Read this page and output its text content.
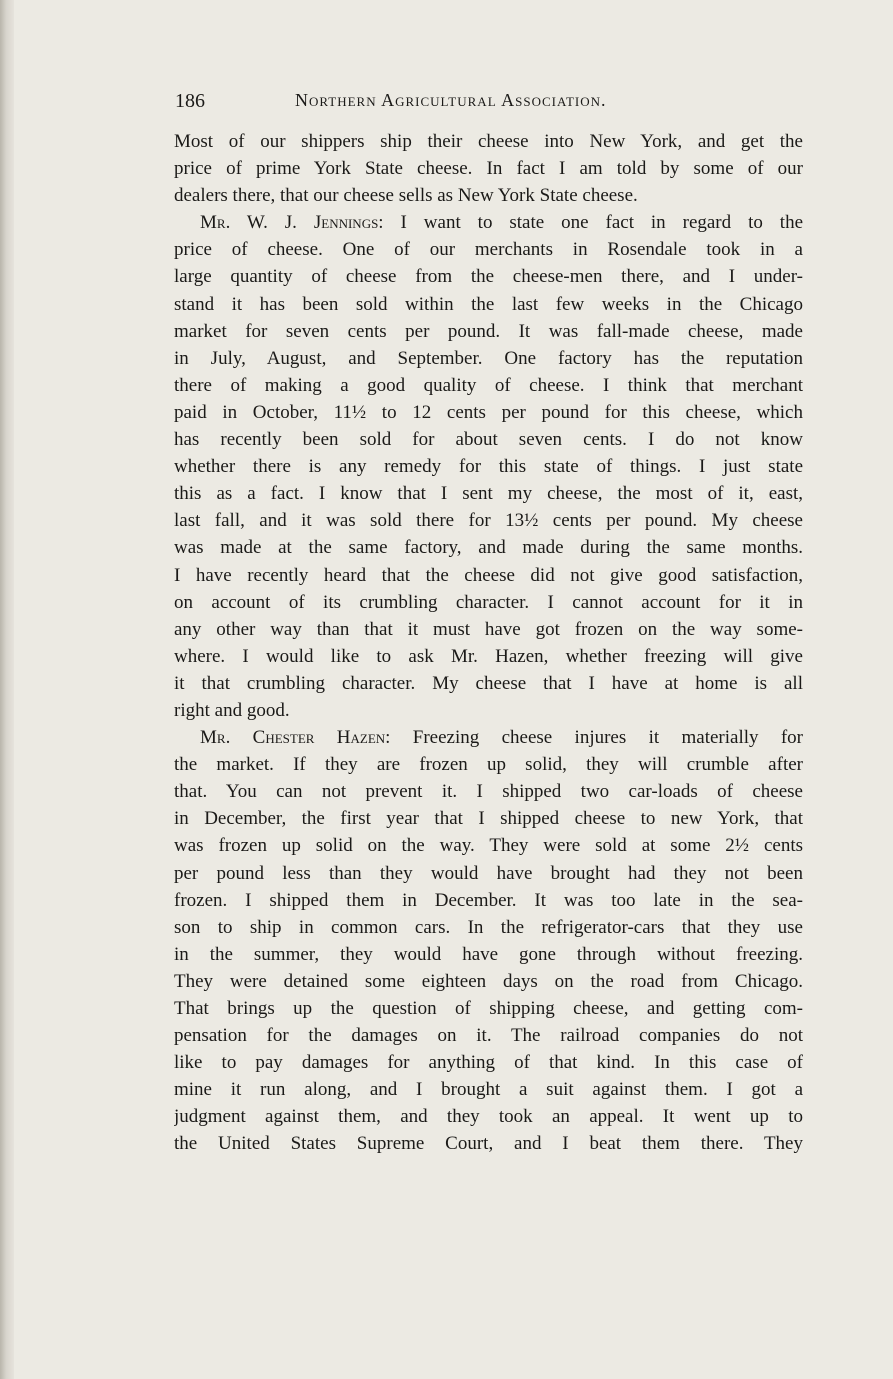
186	Northern Agricultural Association.
Most of our shippers ship their cheese into New York, and get the
price of prime York State cheese. In fact I am told by some of our
dealers there, that our cheese sells as New York State cheese.
Mr. W. J. Jennings: I want to state one fact in regard to the
price of cheese. One of our merchants in Rosendale took in a
large quantity of cheese from the cheese-men there, and I under-
stand it has been sold within the last few weeks in the Chicago
market for seven cents per pound. It was fall-made cheese, made
in July, August, and September. One factory has the reputation
there of making a good quality of cheese. I think that merchant
paid in October, 11½ to 12 cents per pound for this cheese, which
has recently been sold for about seven cents. I do not know
whether there is any remedy for this state of things. I just state
this as a fact. I know that I sent my cheese, the most of it, east,
last fall, and it was sold there for 13½ cents per pound. My cheese
was made at the same factory, and made during the same months.
I have recently heard that the cheese did not give good satisfaction,
on account of its crumbling character. I cannot account for it in
any other way than that it must have got frozen on the way some-
where. I would like to ask Mr. Hazen, whether freezing will give
it that crumbling character. My cheese that I have at home is all
right and good.
Mr. Chester Hazen: Freezing cheese injures it materially for
the market. If they are frozen up solid, they will crumble after
that. You can not prevent it. I shipped two car-loads of cheese
in December, the first year that I shipped cheese to new York, that
was frozen up solid on the way. They were sold at some 2½ cents
per pound less than they would have brought had they not been
frozen. I shipped them in December. It was too late in the sea-
son to ship in common cars. In the refrigerator-cars that they use
in the summer, they would have gone through without freezing.
They were detained some eighteen days on the road from Chicago.
That brings up the question of shipping cheese, and getting com-
pensation for the damages on it. The railroad companies do not
like to pay damages for anything of that kind. In this case of
mine it run along, and I brought a suit against them. I got a
judgment against them, and they took an appeal. It went up to
the United States Supreme Court, and I beat them there. They
